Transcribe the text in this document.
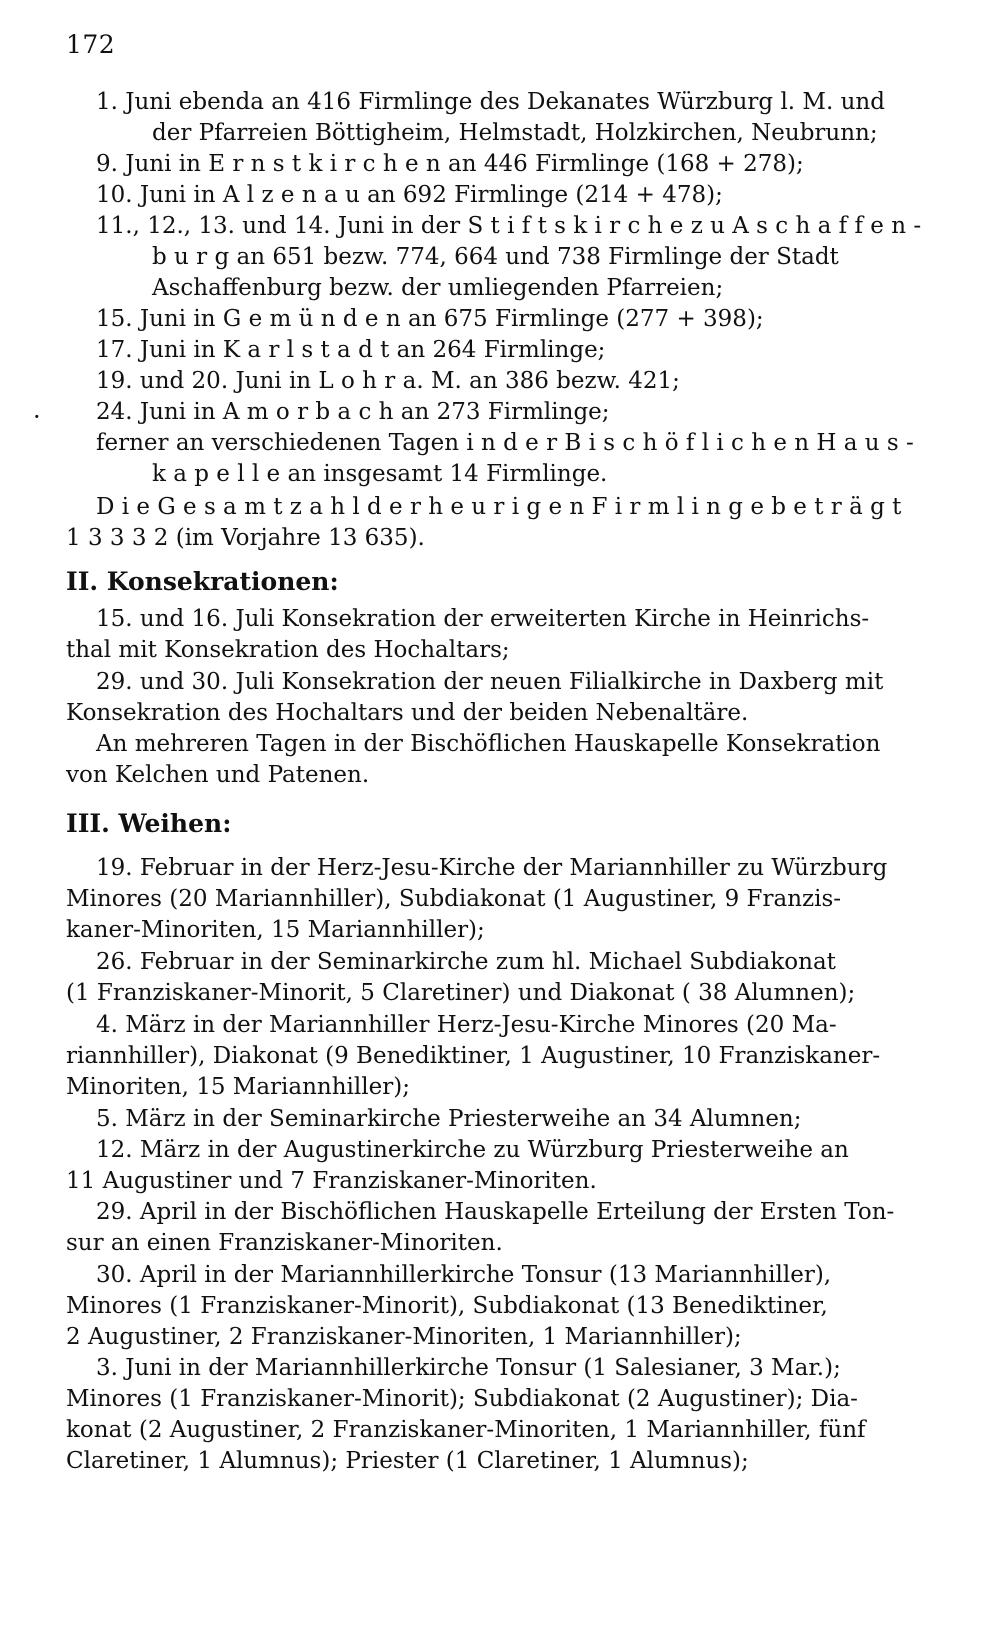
172
·
1. Juni ebenda an 416 Firmlinge des Dekanates Würzburg l. M. und
der Pfarreien Böttigheim, Helmstadt, Holzkirchen, Neubrunn;
9. Juni in E r n s t k i r c h e n an 446 Firmlinge (168 + 278);
10. Juni in A l z e n a u an 692 Firmlinge (214 + 478);
11., 12., 13. und 14. Juni in der S t i f t s k i r c h e z u A s c h a f f e n -
b u r g an 651 bezw. 774, 664 und 738 Firmlinge der Stadt
Aschaffenburg bezw. der umliegenden Pfarreien;
15. Juni in G e m ü n d e n an 675 Firmlinge (277 + 398);
17. Juni in K a r l s t a d t an 264 Firmlinge;
19. und 20. Juni in L o h r a. M. an 386 bezw. 421;
24. Juni in A m o r b a c h an 273 Firmlinge;
ferner an verschiedenen Tagen i n d e r B i s c h ö f l i c h e n H a u s -
k a p e l l e an insgesamt 14 Firmlinge.
D i e G e s a m t z a h l d e r h e u r i g e n F i r m l i n g e b e t r ä g t
1 3 3 3 2 (im Vorjahre 13 635).
II. Konsekrationen:
15. und 16. Juli Konsekration der erweiterten Kirche in Heinrichs-
thal mit Konsekration des Hochaltars;
29. und 30. Juli Konsekration der neuen Filialkirche in Daxberg mit
Konsekration des Hochaltars und der beiden Nebenaltäre.
An mehreren Tagen in der Bischöflichen Hauskapelle Konsekration
von Kelchen und Patenen.
III. Weihen:
19. Februar in der Herz-Jesu-Kirche der Mariannhiller zu Würzburg
Minores (20 Mariannhiller), Subdiakonat (1 Augustiner, 9 Franzis-
kaner-Minoriten, 15 Mariannhiller);
26. Februar in der Seminarkirche zum hl. Michael Subdiakonat
(1 Franziskaner-Minorit, 5 Claretiner) und Diakonat ( 38 Alumnen);
4. März in der Mariannhiller Herz-Jesu-Kirche Minores (20 Ma-
riannhiller), Diakonat (9 Benediktiner, 1 Augustiner, 10 Franziskaner-
Minoriten, 15 Mariannhiller);
5. März in der Seminarkirche Priesterweihe an 34 Alumnen;
12. März in der Augustinerkirche zu Würzburg Priesterweihe an
11 Augustiner und 7 Franziskaner-Minoriten.
29. April in der Bischöflichen Hauskapelle Erteilung der Ersten Ton-
sur an einen Franziskaner-Minoriten.
30. April in der Mariannhillerkirche Tonsur (13 Mariannhiller),
Minores (1 Franziskaner-Minorit), Subdiakonat (13 Benediktiner,
2 Augustiner, 2 Franziskaner-Minoriten, 1 Mariannhiller);
3. Juni in der Mariannhillerkirche Tonsur (1 Salesianer, 3 Mar.);
Minores (1 Franziskaner-Minorit); Subdiakonat (2 Augustiner); Dia-
konat (2 Augustiner, 2 Franziskaner-Minoriten, 1 Mariannhiller, fünf
Claretiner, 1 Alumnus); Priester (1 Claretiner, 1 Alumnus);
